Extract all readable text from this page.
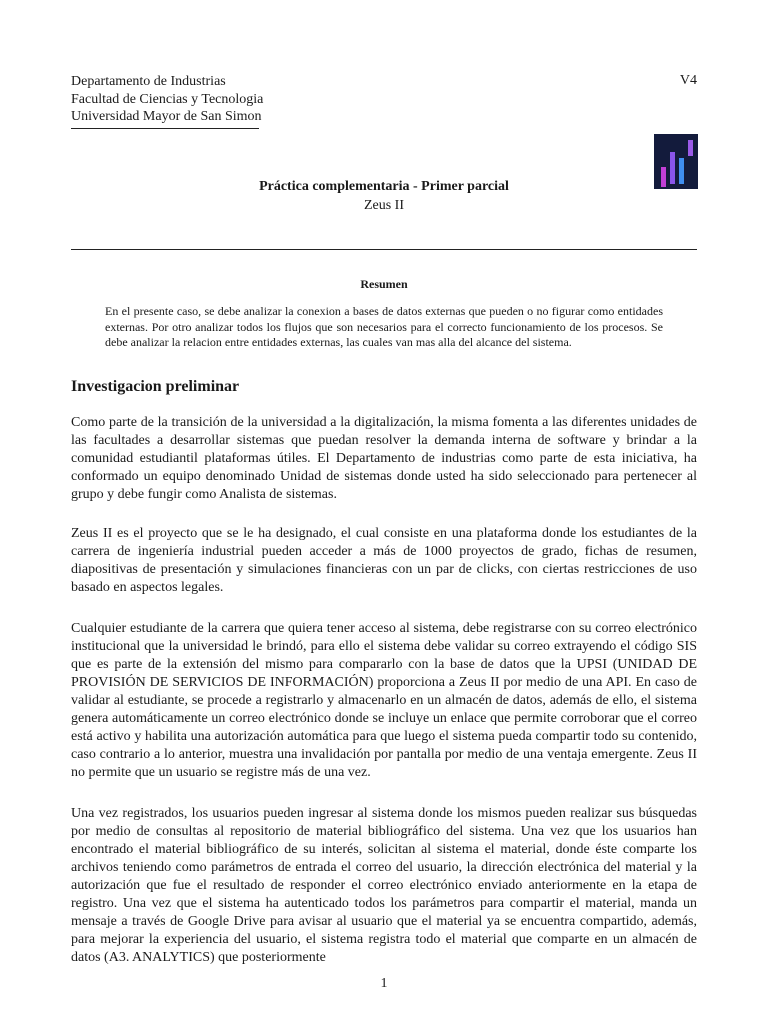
Departamento de Industrias
Facultad de Ciencias y Tecnologia
Universidad Mayor de San Simon
V4
Práctica complementaria - Primer parcial
Zeus II
Resumen

En el presente caso, se debe analizar la conexion a bases de datos externas que pueden o no figurar como entidades externas. Por otro analizar todos los flujos que son necesarios para el correcto funcionamiento de los procesos. Se debe analizar la relacion entre entidades externas, las cuales van mas alla del alcance del sistema.

Investigacion preliminar

Como parte de la transición de la universidad a la digitalización, la misma fomenta a las diferentes unidades de las facultades a desarrollar sistemas que puedan resolver la demanda interna de software y brindar a la comunidad estudiantil plataformas útiles. El Departamento de industrias como parte de esta iniciativa, ha conformado un equipo denominado Unidad de sistemas donde usted ha sido seleccionado para pertenecer al grupo y debe fungir como Analista de sistemas.

Zeus II es el proyecto que se le ha designado, el cual consiste en una plataforma donde los estudiantes de la carrera de ingeniería industrial pueden acceder a más de 1000 proyectos de grado, fichas de resumen, diapositivas de presentación y simulaciones financieras con un par de clicks, con ciertas restricciones de uso basado en aspectos legales.

Cualquier estudiante de la carrera que quiera tener acceso al sistema, debe registrarse con su correo electrónico institucional que la universidad le brindó, para ello el sistema debe validar su correo extrayendo el código SIS que es parte de la extensión del mismo para compararlo con la base de datos que la UPSI (UNIDAD DE PROVISIÓN DE SERVICIOS DE INFORMACIÓN) proporciona a Zeus II por medio de una API. En caso de validar al estudiante, se procede a registrarlo y almacenarlo en un almacén de datos, además de ello, el sistema genera automáticamente un correo electrónico donde se incluye un enlace que permite corroborar que el correo está activo y habilita una autorización automática para que luego el sistema pueda compartir todo su contenido, caso contrario a lo anterior, muestra una invalidación por pantalla por medio de una ventaja emergente. Zeus II no permite que un usuario se registre más de una vez.

Una vez registrados, los usuarios pueden ingresar al sistema donde los mismos pueden realizar sus búsquedas por medio de consultas al repositorio de material bibliográfico del sistema. Una vez que los usuarios han encontrado el material bibliográfico de su interés, solicitan al sistema el material, donde éste comparte los archivos teniendo como parámetros de entrada el correo del usuario, la dirección electrónica del material y la autorización que fue el resultado de responder el correo electrónico enviado anteriormente en la etapa de registro. Una vez que el sistema ha autenticado todos los parámetros para compartir el material, manda un mensaje a través de Google Drive para avisar al usuario que el material ya se encuentra compartido, además, para mejorar la experiencia del usuario, el sistema registra todo el material que comparte en un almacén de datos (A3. ANALYTICS) que posteriormente

1
